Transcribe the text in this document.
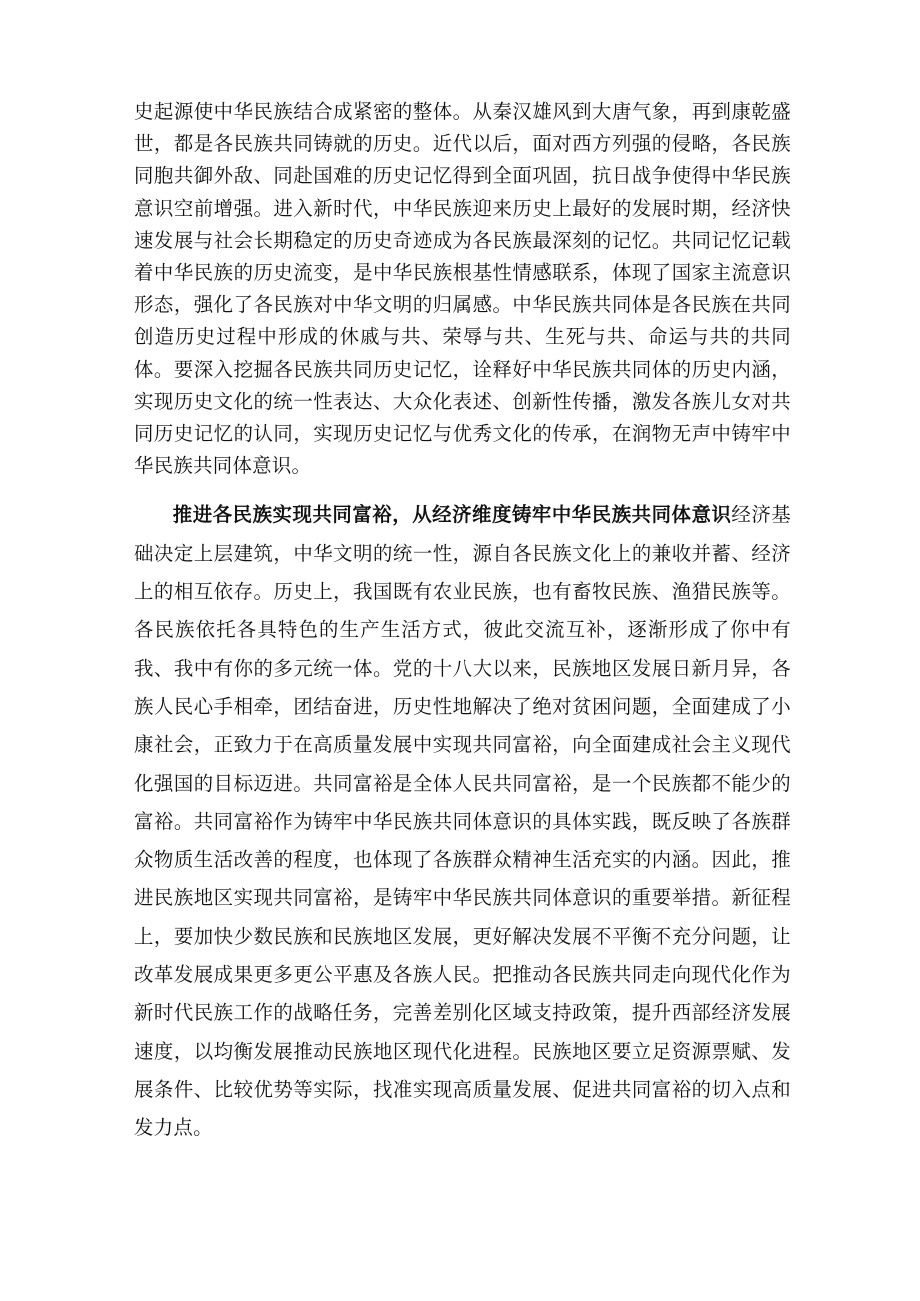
史起源使中华民族结合成紧密的整体。从秦汉雄风到大唐气象，再到康乾盛世，都是各民族共同铸就的历史。近代以后，面对西方列强的侵略，各民族同胞共御外敌、同赴国难的历史记忆得到全面巩固，抗日战争使得中华民族意识空前增强。进入新时代，中华民族迎来历史上最好的发展时期，经济快速发展与社会长期稳定的历史奇迹成为各民族最深刻的记忆。共同记忆记载着中华民族的历史流变，是中华民族根基性情感联系，体现了国家主流意识形态，强化了各民族对中华文明的归属感。中华民族共同体是各民族在共同创造历史过程中形成的休戚与共、荣辱与共、生死与共、命运与共的共同体。要深入挖掘各民族共同历史记忆，诠释好中华民族共同体的历史内涵，实现历史文化的统一性表达、大众化表述、创新性传播，激发各族儿女对共同历史记忆的认同，实现历史记忆与优秀文化的传承，在润物无声中铸牢中华民族共同体意识。

推进各民族实现共同富裕，从经济维度铸牢中华民族共同体意识经济基础决定上层建筑，中华文明的统一性，源自各民族文化上的兼收并蓄、经济上的相互依存。历史上，我国既有农业民族，也有畜牧民族、渔猎民族等。各民族依托各具特色的生产生活方式，彼此交流互补，逐渐形成了你中有我、我中有你的多元统一体。党的十八大以来，民族地区发展日新月异，各族人民心手相牵，团结奋进，历史性地解决了绝对贫困问题，全面建成了小康社会，正致力于在高质量发展中实现共同富裕，向全面建成社会主义现代化强国的目标迈进。共同富裕是全体人民共同富裕，是一个民族都不能少的富裕。共同富裕作为铸牢中华民族共同体意识的具体实践，既反映了各族群众物质生活改善的程度，也体现了各族群众精神生活充实的内涵。因此，推进民族地区实现共同富裕，是铸牢中华民族共同体意识的重要举措。新征程上，要加快少数民族和民族地区发展，更好解决发展不平衡不充分问题，让改革发展成果更多更公平惠及各族人民。把推动各民族共同走向现代化作为新时代民族工作的战略任务，完善差别化区域支持政策，提升西部经济发展速度，以均衡发展推动民族地区现代化进程。民族地区要立足资源票赋、发展条件、比较优势等实际，找准实现高质量发展、促进共同富裕的切入点和发力点。
